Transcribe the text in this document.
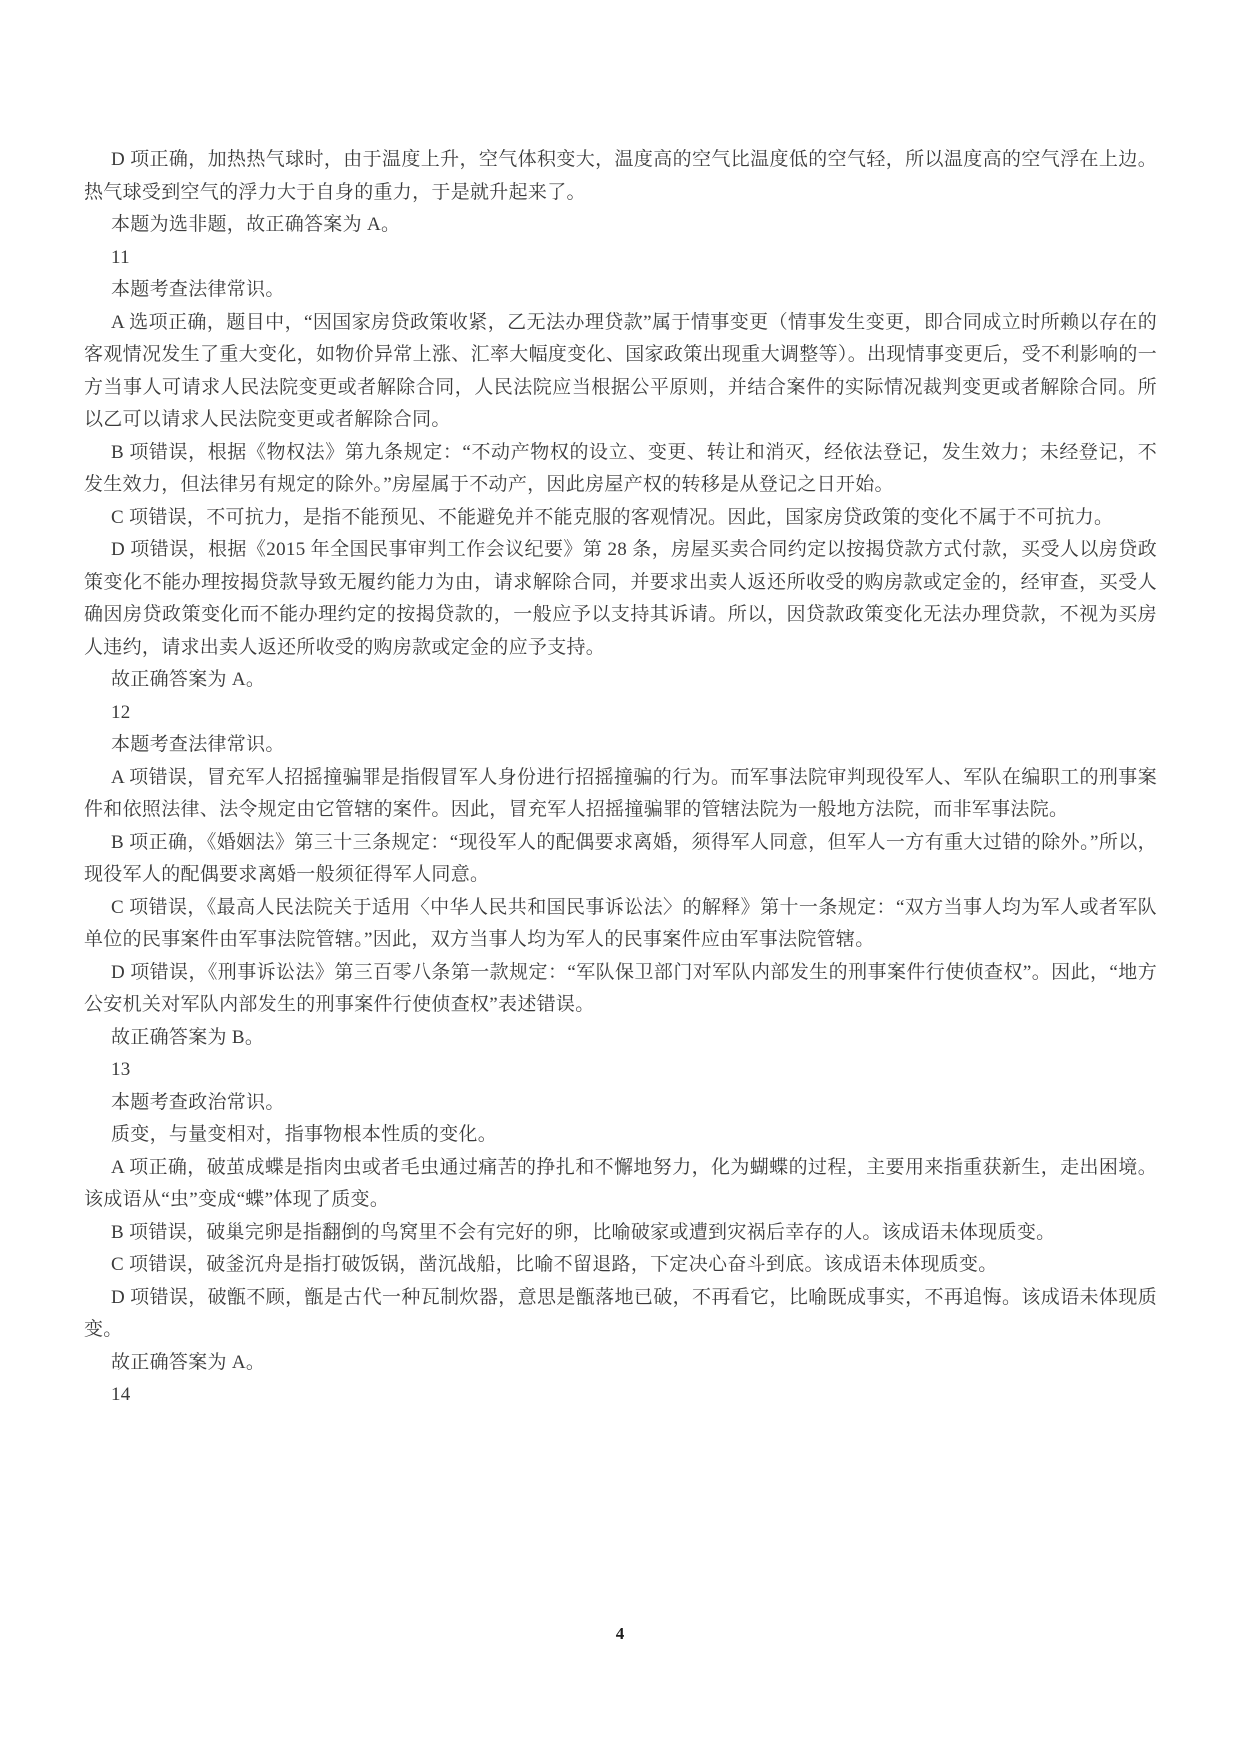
D 项正确，加热热气球时，由于温度上升，空气体积变大，温度高的空气比温度低的空气轻，所以温度高的空气浮在上边。热气球受到空气的浮力大于自身的重力，于是就升起来了。

本题为选非题，故正确答案为 A。

11

本题考查法律常识。

A 选项正确，题目中，“因国家房贷政策收紧，乙无法办理贷款”属于情事变更（情事发生变更，即合同成立时所赖以存在的客观情况发生了重大变化，如物价异常上涨、汇率大幅度变化、国家政策出现重大调整等）。出现情事变更后，受不利影响的一方当事人可请求人民法院变更或者解除合同，人民法院应当根据公平原则，并结合案件的实际情况裁判变更或者解除合同。所以乙可以请求人民法院变更或者解除合同。

B 项错误，根据《物权法》第九条规定：“不动产物权的设立、变更、转让和消灭，经依法登记，发生效力；未经登记，不发生效力，但法律另有规定的除外。”房屋属于不动产，因此房屋产权的转移是从登记之日开始。

C 项错误，不可抗力，是指不能预见、不能避免并不能克服的客观情况。因此，国家房贷政策的变化不属于不可抗力。

D 项错误，根据《2015 年全国民事审判工作会议纪要》第 28 条，房屋买卖合同约定以按揭贷款方式付款，买受人以房贷政策变化不能办理按揭贷款导致无履约能力为由，请求解除合同，并要求出卖人返还所收受的购房款或定金的，经审查，买受人确因房贷政策变化而不能办理约定的按揭贷款的，一般应予以支持其诉请。所以，因贷款政策变化无法办理贷款，不视为买房人违约，请求出卖人返还所收受的购房款或定金的应予支持。

故正确答案为 A。

12

本题考查法律常识。

A 项错误，冒充军人招摇撞骗罪是指假冒军人身份进行招摇撞骗的行为。而军事法院审判现役军人、军队在编职工的刑事案件和依照法律、法令规定由它管辖的案件。因此，冒充军人招摇撞骗罪的管辖法院为一般地方法院，而非军事法院。

B 项正确，《婚姻法》第三十三条规定：“现役军人的配偶要求离婚，须得军人同意，但军人一方有重大过错的除外。”所以，现役军人的配偶要求离婚一般须征得军人同意。

C 项错误，《最高人民法院关于适用〈中华人民共和国民事诉讼法〉的解释》第十一条规定：“双方当事人均为军人或者军队单位的民事案件由军事法院管辖。”因此，双方当事人均为军人的民事案件应由军事法院管辖。

D 项错误，《刑事诉讼法》第三百零八条第一款规定：“军队保卫部门对军队内部发生的刑事案件行使侦查权”。因此，“地方公安机关对军队内部发生的刑事案件行使侦查权”表述错误。

故正确答案为 B。

13

本题考查政治常识。

质变，与量变相对，指事物根本性质的变化。

A 项正确，破茧成蝶是指肉虫或者毛虫通过痛苦的挣扎和不懈地努力，化为蝴蝶的过程，主要用来指重获新生，走出困境。该成语从“虫”变成“蝶”体现了质变。

B 项错误，破巢完卵是指翻倒的鸟窝里不会有完好的卵，比喻破家或遭到灾祸后幸存的人。该成语未体现质变。

C 项错误，破釜沉舟是指打破饭锅，凿沉战船，比喻不留退路，下定决心奋斗到底。该成语未体现质变。

D 项错误，破甑不顾，甑是古代一种瓦制炊器，意思是甑落地已破，不再看它，比喻既成事实，不再追悔。该成语未体现质变。

故正确答案为 A。

14

4
